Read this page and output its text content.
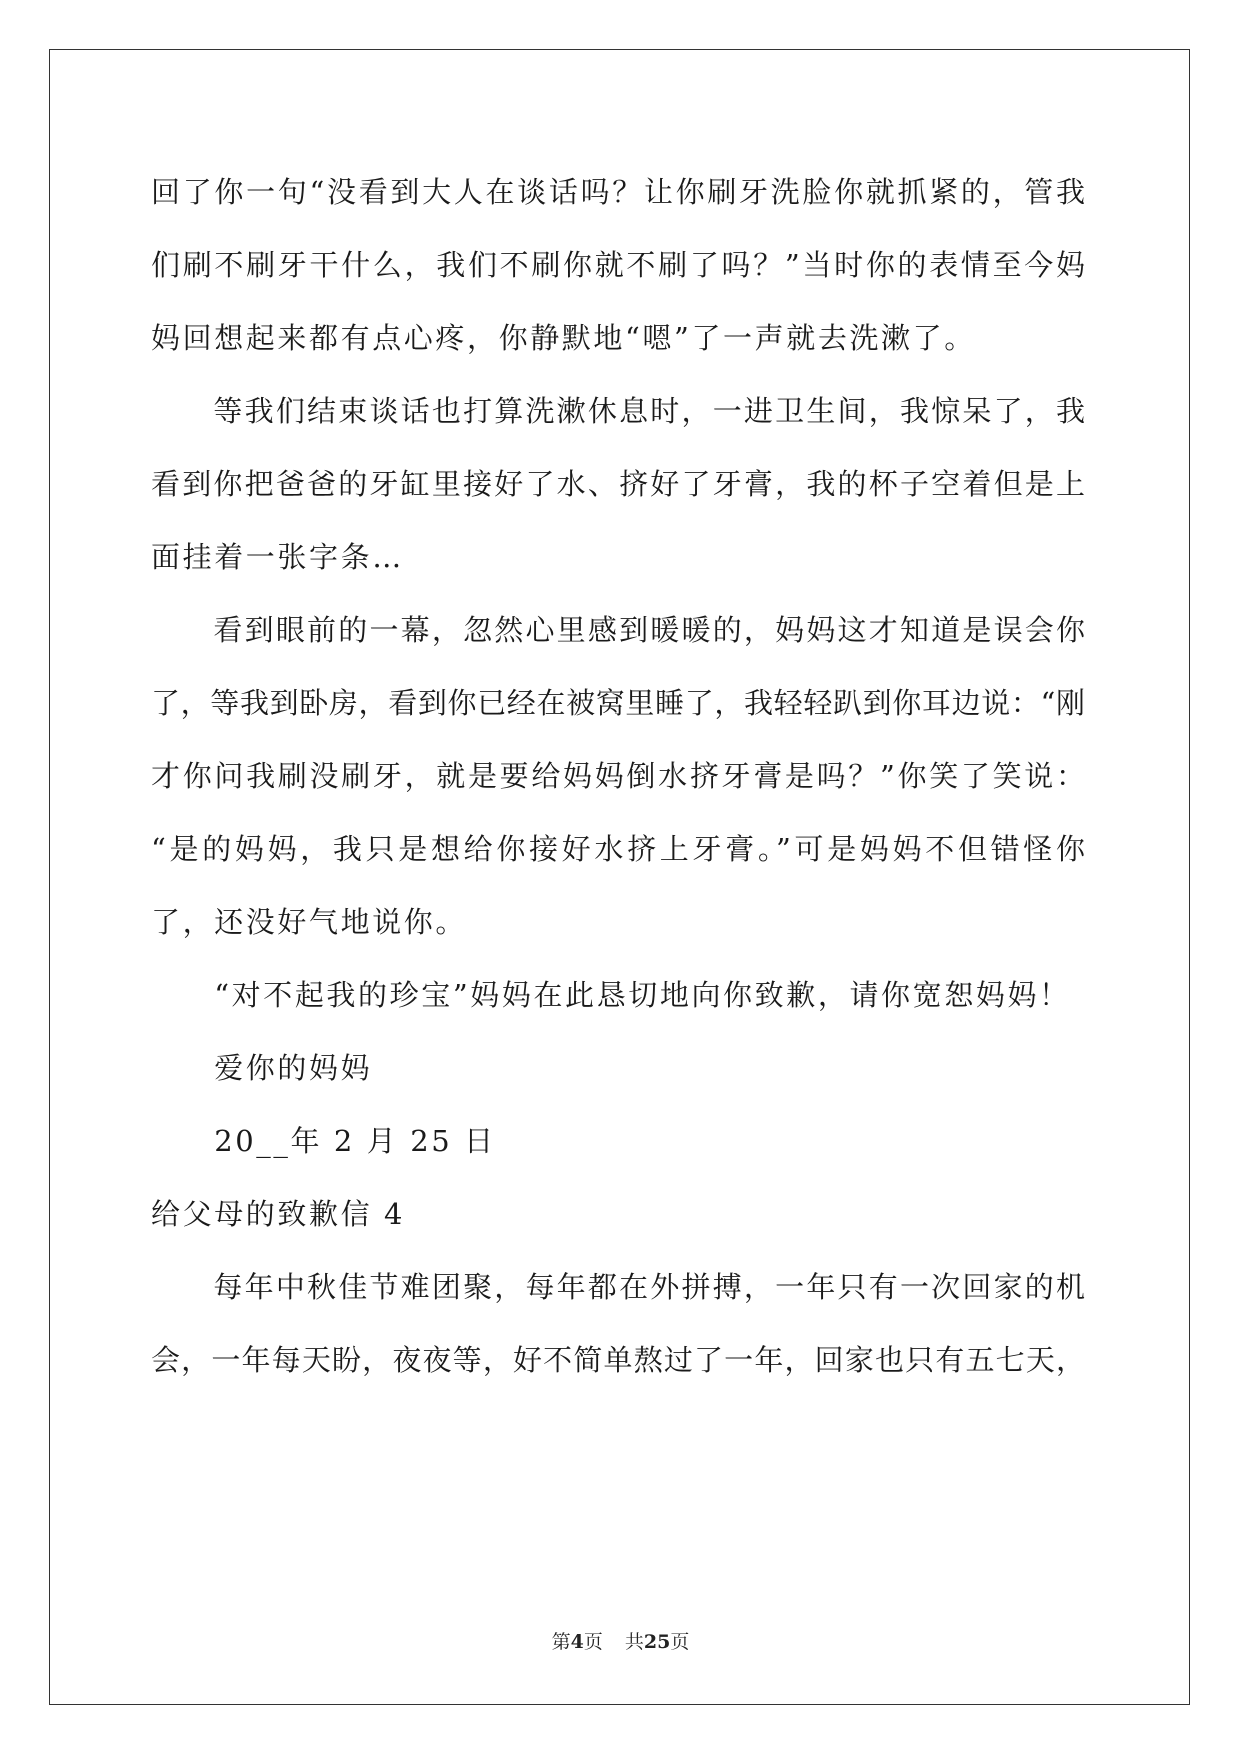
回了你一句“没看到大人在谈话吗？让你刷牙洗脸你就抓紧的，管我
们刷不刷牙干什么，我们不刷你就不刷了吗？”当时你的表情至今妈
妈回想起来都有点心疼，你静默地“嗯”了一声就去洗漱了。
　　等我们结束谈话也打算洗漱休息时，一进卫生间，我惊呆了，我
看到你把爸爸的牙缸里接好了水、挤好了牙膏，我的杯子空着但是上
面挂着一张字条…
　　看到眼前的一幕，忽然心里感到暖暖的，妈妈这才知道是误会你
了，等我到卧房，看到你已经在被窝里睡了，我轻轻趴到你耳边说：“刚
才你问我刷没刷牙，就是要给妈妈倒水挤牙膏是吗？”你笑了笑说：
“是的妈妈，我只是想给你接好水挤上牙膏。”可是妈妈不但错怪你
了，还没好气地说你。
　　“对不起我的珍宝”妈妈在此恳切地向你致歉，请你宽恕妈妈！
　　爱你的妈妈
　　20__年 2 月 25 日
给父母的致歉信 4
　　每年中秋佳节难团聚，每年都在外拼搏，一年只有一次回家的机
会，一年每天盼，夜夜等，好不简单熬过了一年，回家也只有五七天，
第4页 共25页
